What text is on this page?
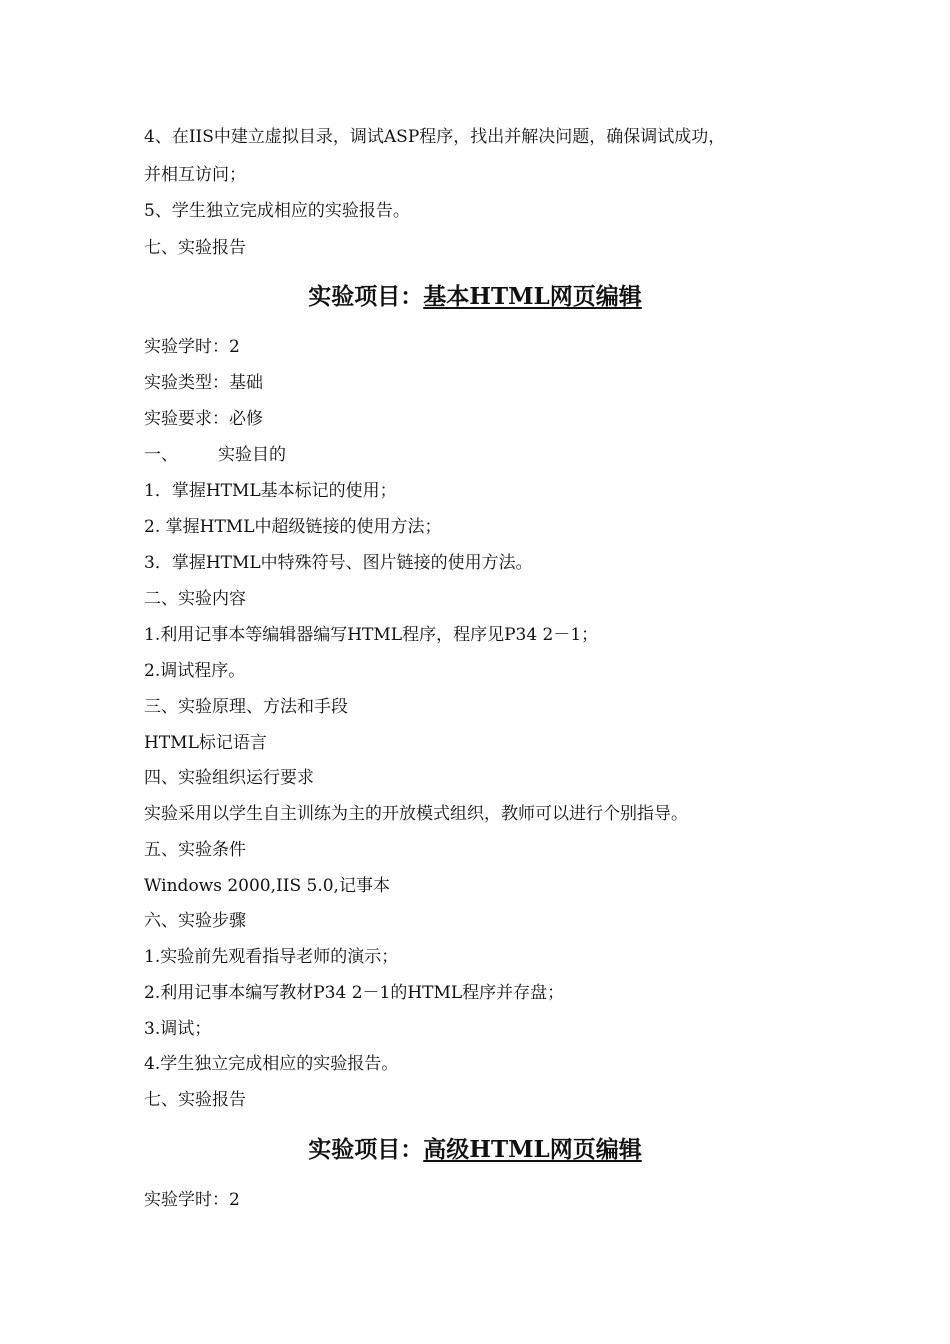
4、在IIS中建立虚拟目录，调试ASP程序，找出并解决问题，确保调试成功，
并相互访问；
5、学生独立完成相应的实验报告。
七、实验报告
实验项目：基本HTML网页编辑
实验学时：2
实验类型：基础
实验要求：必修
一、 实验目的
1．掌握HTML基本标记的使用；
2. 掌握HTML中超级链接的使用方法；
3．掌握HTML中特殊符号、图片链接的使用方法。
二、实验内容
1.利用记事本等编辑器编写HTML程序，程序见P34 2－1；
2.调试程序。
三、实验原理、方法和手段
HTML标记语言
四、实验组织运行要求
实验采用以学生自主训练为主的开放模式组织，教师可以进行个别指导。
五、实验条件
Windows 2000,IIS 5.0,记事本
六、实验步骤
1.实验前先观看指导老师的演示；
2.利用记事本编写教材P34 2－1的HTML程序并存盘；
3.调试；
4.学生独立完成相应的实验报告。
七、实验报告
实验项目：高级HTML网页编辑
实验学时：2
